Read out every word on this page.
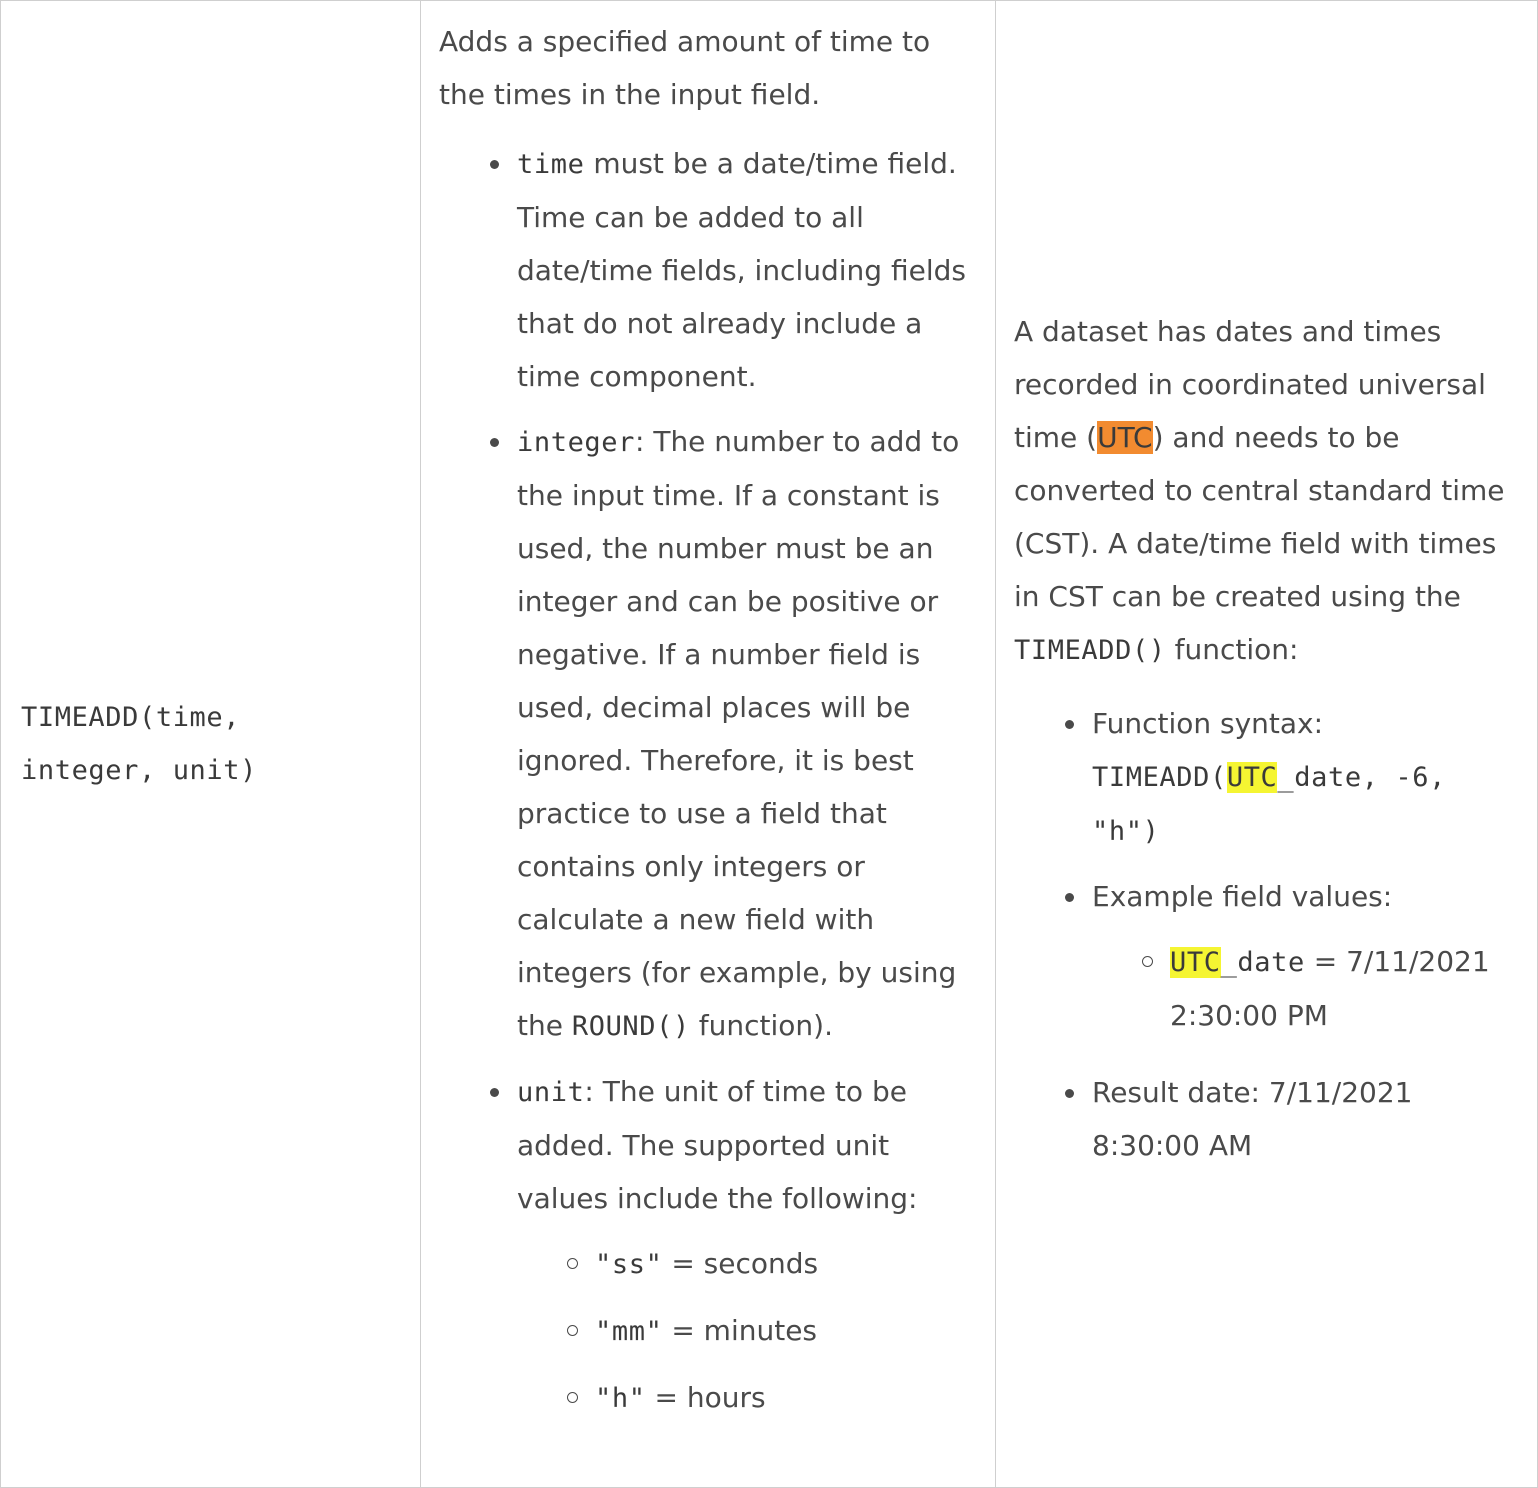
TIMEADD(time,
integer, unit)

Adds a specified amount of time to the times in the input field.

time must be a date/time field. Time can be added to all date/time fields, including fields that do not already include a time component.
integer: The number to add to the input time. If a constant is used, the number must be an integer and can be positive or negative. If a number field is used, decimal places will be ignored. Therefore, it is best practice to use a field that contains only integers or calculate a new field with integers (for example, by using the ROUND() function).
unit: The unit of time to be added. The supported unit values include the following:
"ss" = seconds
"mm" = minutes
"h" = hours

A dataset has dates and times recorded in coordinated universal time (UTC) and needs to be converted to central standard time (CST). A date/time field with times in CST can be created using the TIMEADD() function:

Function syntax:
TIMEADD(UTC_date, -6, "h")
Example field values:
UTC_date = 7/11/2021 2:30:00 PM
Result date: 7/11/2021 8:30:00 AM
